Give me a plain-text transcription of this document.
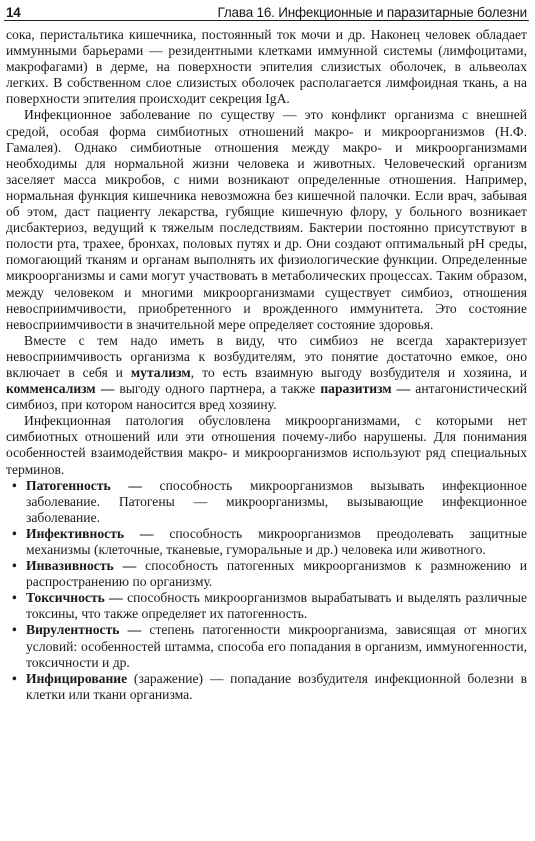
14	Глава 16. Инфекционные и паразитарные болезни

сока, перистальтика кишечника, постоянный ток мочи и др. Наконец человек обладает иммунными барьерами — резидентными клетками иммунной системы (лимфоцитами, макрофагами) в дерме, на поверхности эпителия слизистых оболочек, в альвеолах легких. В собственном слое слизистых оболочек располагается лимфоидная ткань, а на поверхности эпителия происходит секреция IgA.

Инфекционное заболевание по существу — это конфликт организма с внешней средой, особая форма симбиотных отношений макро- и микроорганизмов (Н.Ф. Гамалея). Однако симбиотные отношения между макро- и микроорганизмами необходимы для нормальной жизни человека и животных. Человеческий организм заселяет масса микробов, с ними возникают определенные отношения. Например, нормальная функция кишечника невозможна без кишечной палочки. Если врач, забывая об этом, даст пациенту лекарства, губящие кишечную флору, у больного возникает дисбактериоз, ведущий к тяжелым последствиям. Бактерии постоянно присутствуют в полости рта, трахее, бронхах, половых путях и др. Они создают оптимальный pH среды, помогающий тканям и органам выполнять их физиологические функции. Определенные микроорганизмы и сами могут участвовать в метаболических процессах. Таким образом, между человеком и многими микроорганизмами существует симбиоз, отношения невосприимчивости, приобретенного и врожденного иммунитета. Это состояние невосприимчивости в значительной мере определяет состояние здоровья.

Вместе с тем надо иметь в виду, что симбиоз не всегда характеризует невосприимчивость организма к возбудителям, это понятие достаточно емкое, оно включает в себя и мутализм, то есть взаимную выгоду возбудителя и хозяина, и комменсализм — выгоду одного партнера, а также паразитизм — антагонистический симбиоз, при котором наносится вред хозяину.

Инфекционная патология обусловлена микроорганизмами, с которыми нет симбиотных отношений или эти отношения почему-либо нарушены. Для понимания особенностей взаимодействия макро- и микроорганизмов используют ряд специальных терминов.

• Патогенность — способность микроорганизмов вызывать инфекционное заболевание. Патогены — микроорганизмы, вызывающие инфекционное заболевание.
• Инфективность — способность микроорганизмов преодолевать защитные механизмы (клеточные, тканевые, гуморальные и др.) человека или животного.
• Инвазивность — способность патогенных микроорганизмов к размножению и распространению по организму.
• Токсичность — способность микроорганизмов вырабатывать и выделять различные токсины, что также определяет их патогенность.
• Вирулентность — степень патогенности микроорганизма, зависящая от многих условий: особенностей штамма, способа его попадания в организм, иммуногенности, токсичности и др.
• Инфицирование (заражение) — попадание возбудителя инфекционной болезни в клетки или ткани организма.
